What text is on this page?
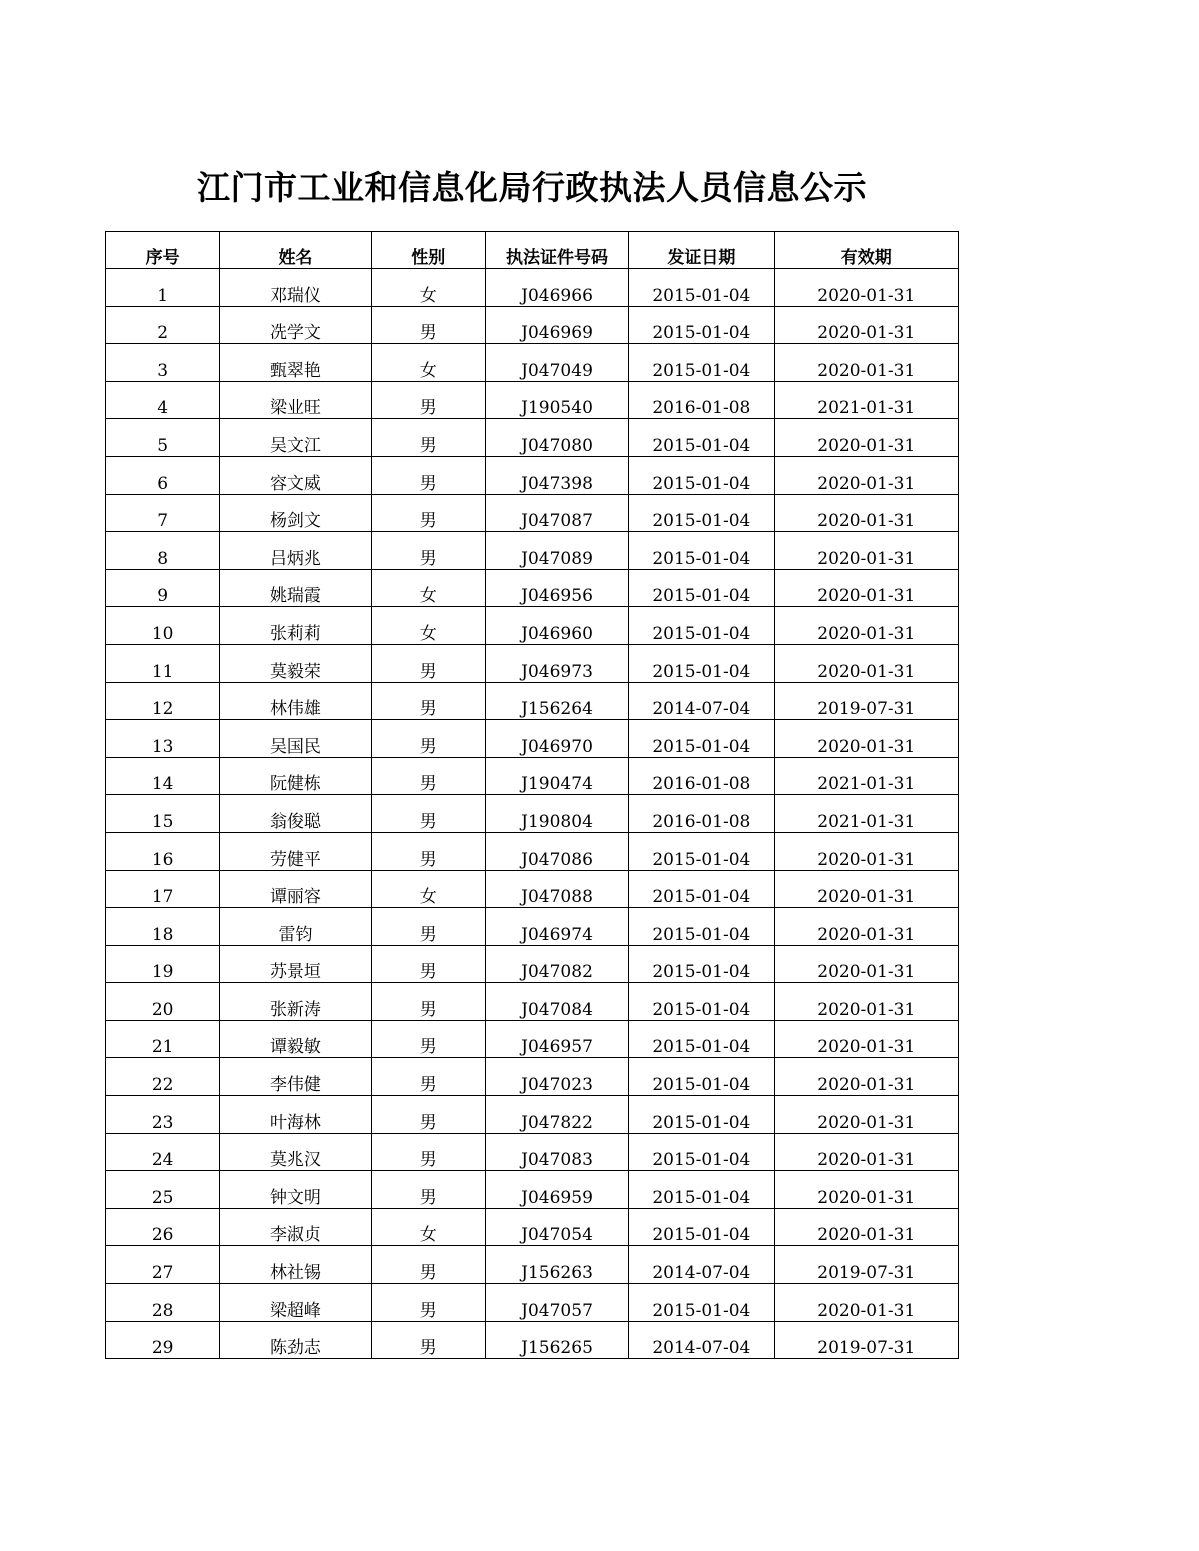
江门市工业和信息化局行政执法人员信息公示
序号	姓名	性别	执法证件号码	发证日期	有效期
1	邓瑞仪	女	J046966	2015-01-04	2020-01-31
2	冼学文	男	J046969	2015-01-04	2020-01-31
3	甄翠艳	女	J047049	2015-01-04	2020-01-31
4	梁业旺	男	J190540	2016-01-08	2021-01-31
5	吴文江	男	J047080	2015-01-04	2020-01-31
6	容文威	男	J047398	2015-01-04	2020-01-31
7	杨剑文	男	J047087	2015-01-04	2020-01-31
8	吕炳兆	男	J047089	2015-01-04	2020-01-31
9	姚瑞霞	女	J046956	2015-01-04	2020-01-31
10	张莉莉	女	J046960	2015-01-04	2020-01-31
11	莫毅荣	男	J046973	2015-01-04	2020-01-31
12	林伟雄	男	J156264	2014-07-04	2019-07-31
13	吴国民	男	J046970	2015-01-04	2020-01-31
14	阮健栋	男	J190474	2016-01-08	2021-01-31
15	翁俊聪	男	J190804	2016-01-08	2021-01-31
16	劳健平	男	J047086	2015-01-04	2020-01-31
17	谭丽容	女	J047088	2015-01-04	2020-01-31
18	雷钧	男	J046974	2015-01-04	2020-01-31
19	苏景垣	男	J047082	2015-01-04	2020-01-31
20	张新涛	男	J047084	2015-01-04	2020-01-31
21	谭毅敏	男	J046957	2015-01-04	2020-01-31
22	李伟健	男	J047023	2015-01-04	2020-01-31
23	叶海林	男	J047822	2015-01-04	2020-01-31
24	莫兆汉	男	J047083	2015-01-04	2020-01-31
25	钟文明	男	J046959	2015-01-04	2020-01-31
26	李淑贞	女	J047054	2015-01-04	2020-01-31
27	林社锡	男	J156263	2014-07-04	2019-07-31
28	梁超峰	男	J047057	2015-01-04	2020-01-31
29	陈劲志	男	J156265	2014-07-04	2019-07-31
